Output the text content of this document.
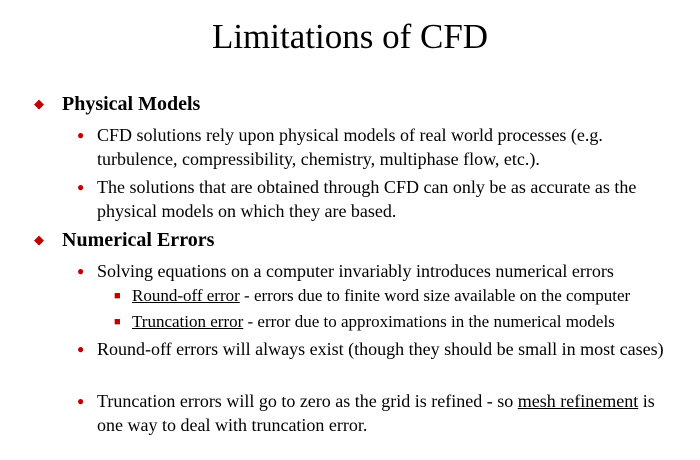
Limitations of CFD
◆ Physical Models
● CFD solutions rely upon physical models of real world processes (e.g. turbulence, compressibility, chemistry, multiphase flow, etc.).
● The solutions that are obtained through CFD can only be as accurate as the physical models on which they are based.
◆ Numerical Errors
● Solving equations on a computer invariably introduces numerical errors
■ Round-off error - errors due to finite word size available on the computer
■ Truncation error - error due to approximations in the numerical models
● Round-off errors will always exist (though they should be small in most cases)
● Truncation errors will go to zero as the grid is refined - so mesh refinement is one way to deal with truncation error.
